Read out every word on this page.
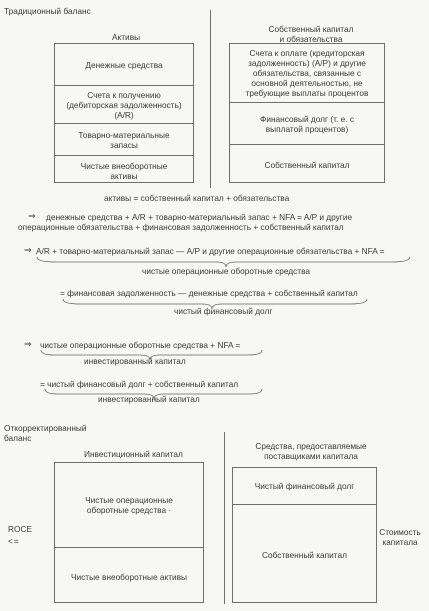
Традиционный баланс
Активы
Собственный капитал
и обязательства
Денежные средства
Счета к получению (дебиторская задолженность) (A/R)
Товарно-материальные запасы
Чистые внеоборотные активы
Счета к оплате (кредиторская задолженность) (A/P) и другие обязательства, связанные с основной деятельностью, не требующие выплаты процентов
Финансовый долг (т. е. с выплатой процентов)
Собственный капитал
активы = собственный капитал + обязательства
⇒ денежные средства + A/R + товарно-материальный запас + NFA = A/P и другие
операционные обязательства + финансовая задолженность + собственный капитал
⇒ A/R + товарно-материальный запас — A/P и другие операционные обязательства + NFA =
чистые операционные оборотные средства
= финансовая задолженность — денежные средства + собственный капитал
чистый финансовый долг
⇒ чистые операционные оборотные средства + NFA =
инвестированный капитал
= чистый финансовый долг + собственный капитал
инвестированный капитал
Откорректированный
баланс
Инвестиционный капитал
Средства, предоставляемые
поставщиками капитала
Чистые операционные оборотные средства ·
Чистые внеоборотные активы
Чистый финансовый долг
Собственный капитал
ROCE
<=
Стоимость
капитала
